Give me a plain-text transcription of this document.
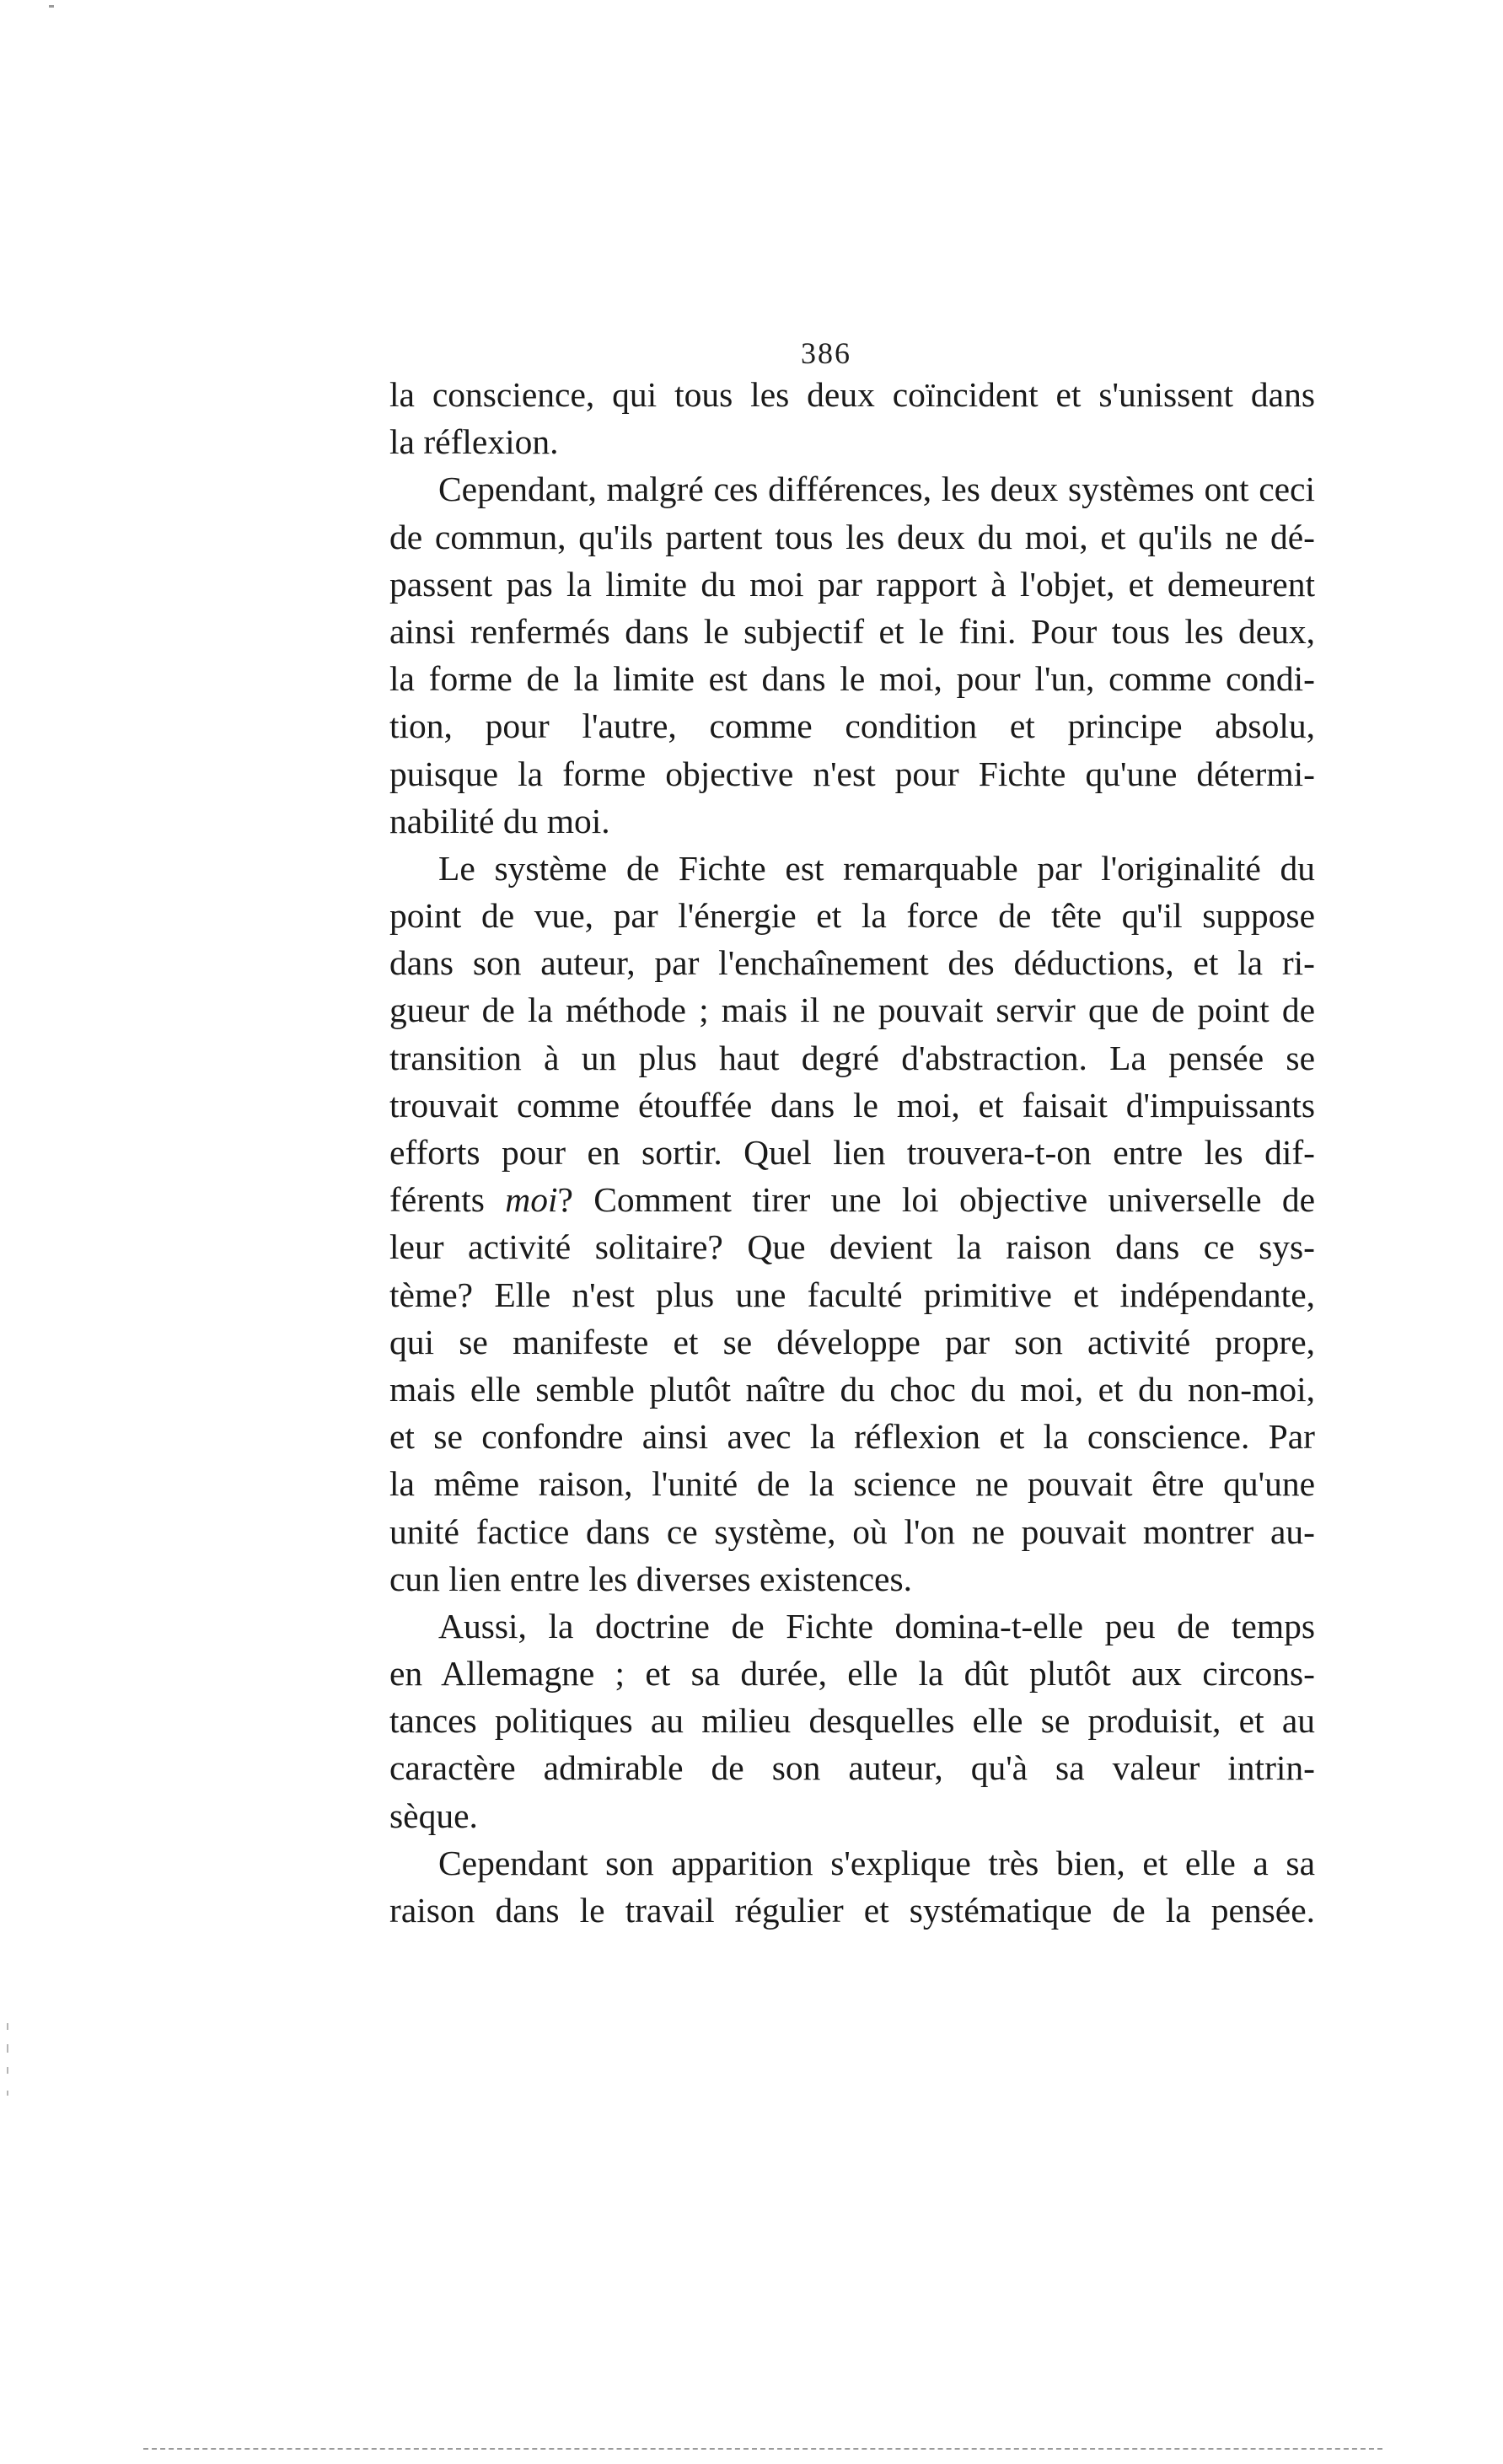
386
la conscience, qui tous les deux coïncident et s'unissent dans
la réflexion.
Cependant, malgré ces différences, les deux systèmes ont ceci
de commun, qu'ils partent tous les deux du moi, et qu'ils ne dé-
passent pas la limite du moi par rapport à l'objet, et demeurent
ainsi renfermés dans le subjectif et le fini. Pour tous les deux,
la forme de la limite est dans le moi, pour l'un, comme condi-
tion, pour l'autre, comme condition et principe absolu,
puisque la forme objective n'est pour Fichte qu'une détermi-
nabilité du moi.
Le système de Fichte est remarquable par l'originalité du
point de vue, par l'énergie et la force de tête qu'il suppose
dans son auteur, par l'enchaînement des déductions, et la ri-
gueur de la méthode ; mais il ne pouvait servir que de point de
transition à un plus haut degré d'abstraction. La pensée se
trouvait comme étouffée dans le moi, et faisait d'impuissants
efforts pour en sortir. Quel lien trouvera-t-on entre les dif-
férents moi? Comment tirer une loi objective universelle de
leur activité solitaire? Que devient la raison dans ce sys-
tème? Elle n'est plus une faculté primitive et indépendante,
qui se manifeste et se développe par son activité propre,
mais elle semble plutôt naître du choc du moi, et du non-moi,
et se confondre ainsi avec la réflexion et la conscience. Par
la même raison, l'unité de la science ne pouvait être qu'une
unité factice dans ce système, où l'on ne pouvait montrer au-
cun lien entre les diverses existences.
Aussi, la doctrine de Fichte domina-t-elle peu de temps
en Allemagne ; et sa durée, elle la dût plutôt aux circons-
tances politiques au milieu desquelles elle se produisit, et au
caractère admirable de son auteur, qu'à sa valeur intrin-
sèque.
Cependant son apparition s'explique très bien, et elle a sa
raison dans le travail régulier et systématique de la pensée.
